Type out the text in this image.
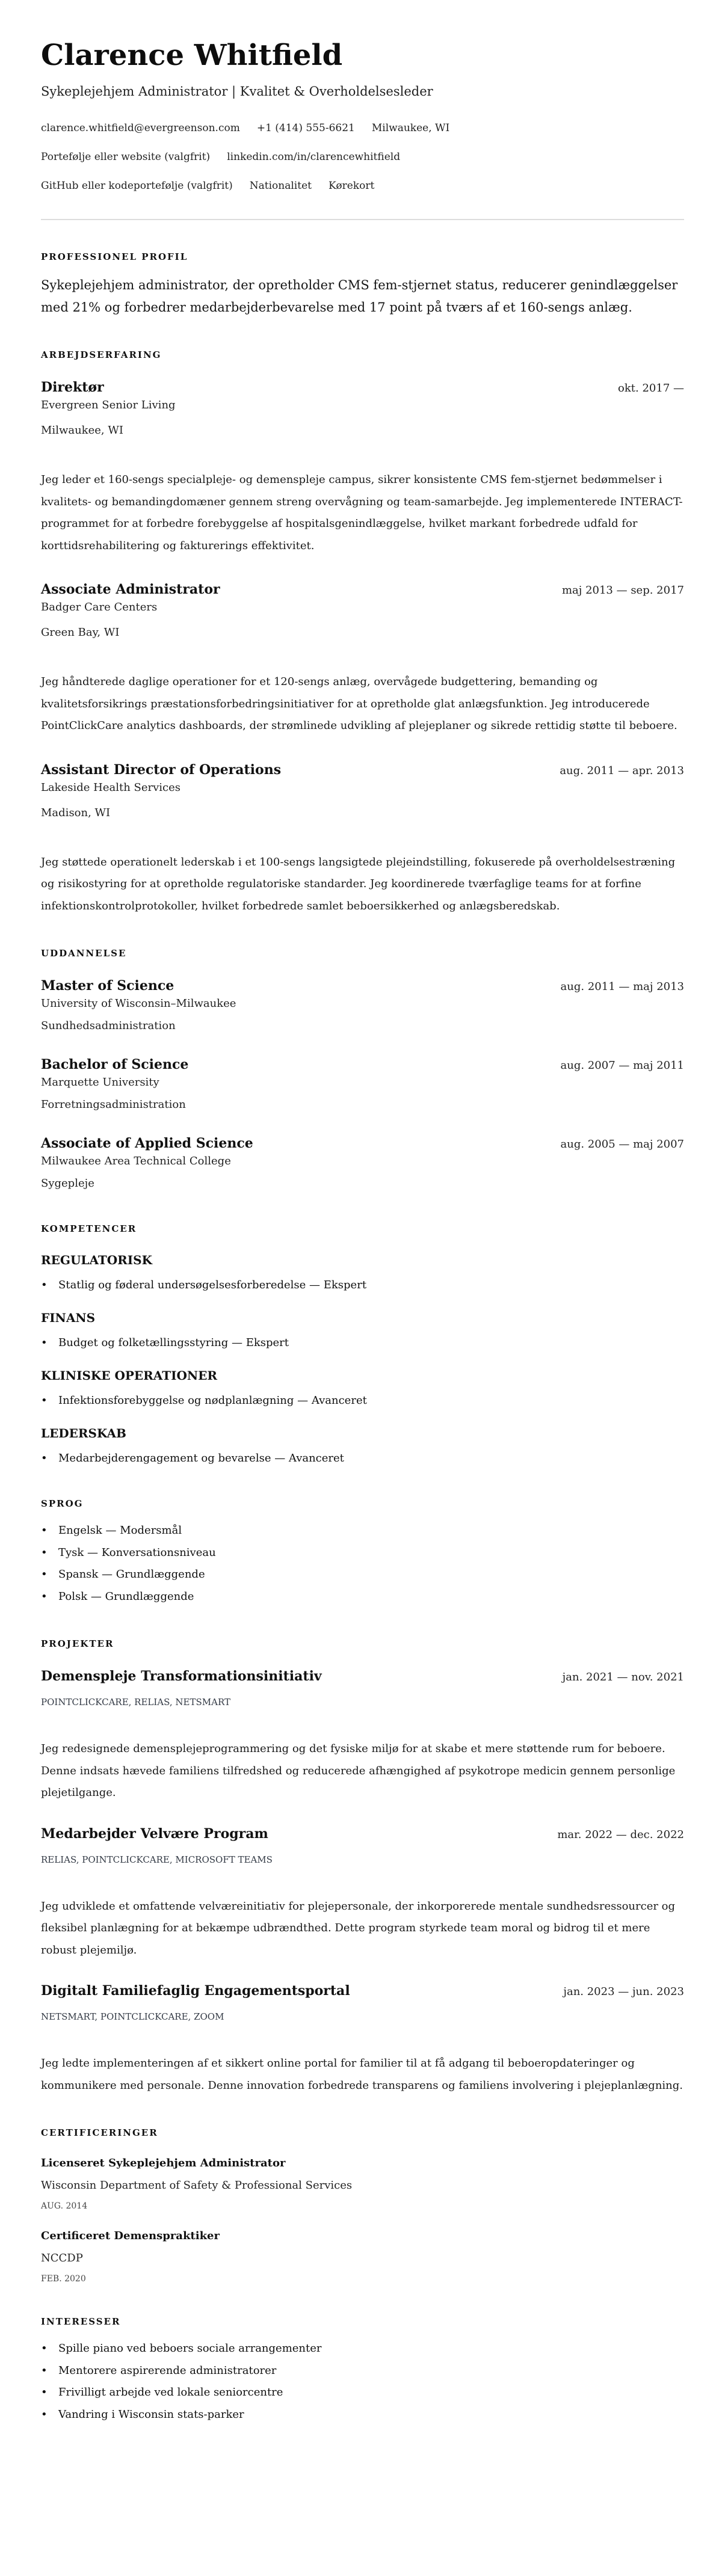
Clarence Whitfield
Sykeplejehjem Administrator | Kvalitet & Overholdelsesleder
clarence.whitfield@evergreenson.com +1 (414) 555-6621 Milwaukee, WI
Portefølje eller website (valgfrit) linkedin.com/in/clarencewhitfield
GitHub eller kodeportefølje (valgfrit) Nationalitet Kørekort
PROFESSIONEL PROFIL
Sykeplejehjem administrator, der opretholder CMS fem-stjernet status, reducerer genindlæggelser med 21% og forbedrer medarbejderbevarelse med 17 point på tværs af et 160-sengs anlæg.
ARBEJDSERFARING
Direktør	okt. 2017 —
Evergreen Senior Living
Milwaukee, WI
Jeg leder et 160-sengs specialpleje- og demenspleje campus, sikrer konsistente CMS fem-stjernet bedømmelser i kvalitets- og bemandingdomæner gennem streng overvågning og team-samarbejde. Jeg implementerede INTERACT-programmet for at forbedre forebyggelse af hospitalsgenindlæggelse, hvilket markant forbedrede udfald for korttidsrehabilitering og fakturerings effektivitet.
Associate Administrator	maj 2013 — sep. 2017
Badger Care Centers
Green Bay, WI
Jeg håndterede daglige operationer for et 120-sengs anlæg, overvågede budgettering, bemanding og kvalitetsforsikrings præstationsforbedringsinitiativer for at opretholde glat anlægsfunktion. Jeg introducerede PointClickCare analytics dashboards, der strømlinede udvikling af plejeplaner og sikrede rettidig støtte til beboere.
Assistant Director of Operations	aug. 2011 — apr. 2013
Lakeside Health Services
Madison, WI
Jeg støttede operationelt lederskab i et 100-sengs langsigtede plejeindstilling, fokuserede på overholdelsestræning og risikostyring for at opretholde regulatoriske standarder. Jeg koordinerede tværfaglige teams for at forfine infektionskontrolprotokoller, hvilket forbedrede samlet beboersikkerhed og anlægsberedskab.
UDDANNELSE
Master of Science	aug. 2011 — maj 2013
University of Wisconsin–Milwaukee
Sundhedsadministration
Bachelor of Science	aug. 2007 — maj 2011
Marquette University
Forretningsadministration
Associate of Applied Science	aug. 2005 — maj 2007
Milwaukee Area Technical College
Sygepleje
KOMPETENCER
REGULATORISK
• Statlig og føderal undersøgelsesforberedelse — Ekspert
FINANS
• Budget og folketællingsstyring — Ekspert
KLINISKE OPERATIONER
• Infektionsforebyggelse og nødplanlægning — Avanceret
LEDERSKAB
• Medarbejderengagement og bevarelse — Avanceret
SPROG
• Engelsk — Modersmål
• Tysk — Konversationsniveau
• Spansk — Grundlæggende
• Polsk — Grundlæggende
PROJEKTER
Demenspleje Transformationsinitiativ	jan. 2021 — nov. 2021
POINTCLICKCARE, RELIAS, NETSMART
Jeg redesignede demensplejeprogrammering og det fysiske miljø for at skabe et mere støttende rum for beboere. Denne indsats hævede familiens tilfredshed og reducerede afhængighed af psykotrope medicin gennem personlige plejetilgange.
Medarbejder Velvære Program	mar. 2022 — dec. 2022
RELIAS, POINTCLICKCARE, MICROSOFT TEAMS
Jeg udviklede et omfattende velværeinitiativ for plejepersonale, der inkorporerede mentale sundhedsressourcer og fleksibel planlægning for at bekæmpe udbrændthed. Dette program styrkede team moral og bidrog til et mere robust plejemiljø.
Digitalt Familiefaglig Engagementsportal	jan. 2023 — jun. 2023
NETSMART, POINTCLICKCARE, ZOOM
Jeg ledte implementeringen af et sikkert online portal for familier til at få adgang til beboeropdateringer og kommunikere med personale. Denne innovation forbedrede transparens og familiens involvering i plejeplanlægning.
CERTIFICERINGER
Licenseret Sykeplejehjem Administrator
Wisconsin Department of Safety & Professional Services
AUG. 2014
Certificeret Demenspraktiker
NCCDP
FEB. 2020
INTERESSER
• Spille piano ved beboers sociale arrangementer
• Mentorere aspirerende administratorer
• Frivilligt arbejde ved lokale seniorcentre
• Vandring i Wisconsin stats-parker
